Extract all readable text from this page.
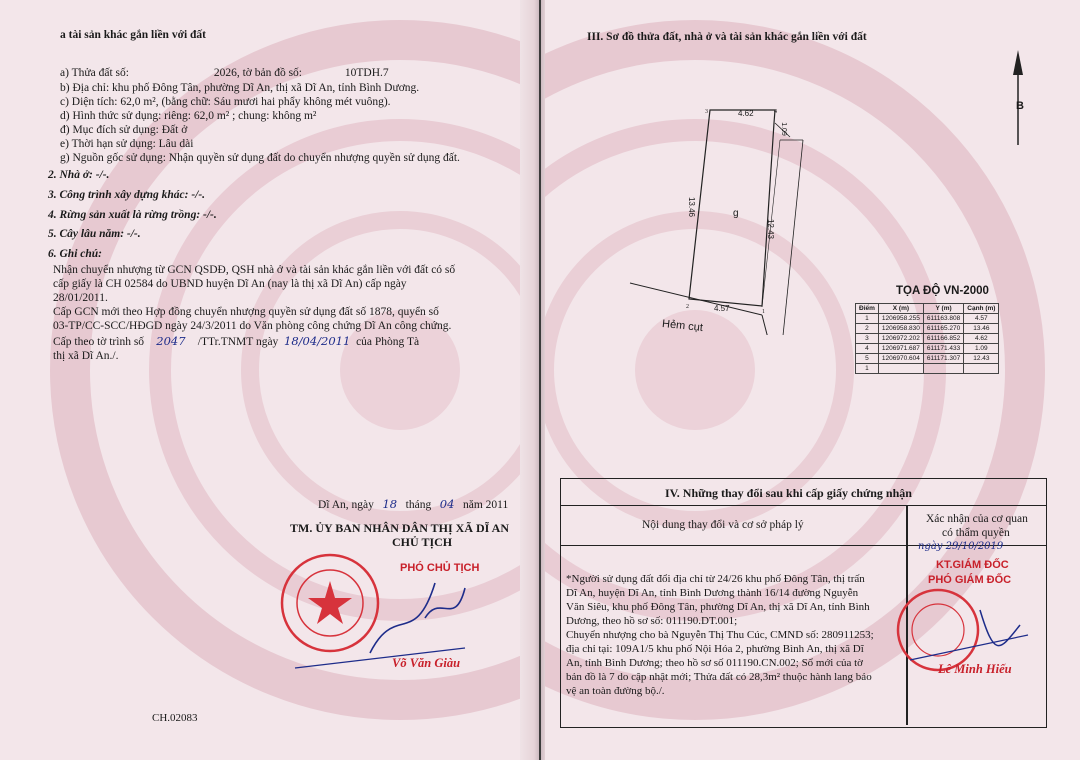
a tài sản khác gắn liền với đất
a) Thửa đất số:	2026, tờ bản đồ số:	10TDH.7
b) Địa chỉ: khu phố Đông Tân, phường Dĩ An, thị xã Dĩ An, tỉnh Bình Dương.
c) Diện tích: 62,0 m², (bằng chữ: Sáu mươi hai phẩy không mét vuông).
d) Hình thức sử dụng: riêng: 62,0 m² ; chung: không m²
đ) Mục đích sử dụng: Đất ở
e) Thời hạn sử dụng: Lâu dài
g) Nguồn gốc sử dụng: Nhận quyền sử dụng đất do chuyển nhượng quyền sử dụng đất.
2. Nhà ở: -/-.
3. Công trình xây dựng khác: -/-.
4. Rừng sản xuất là rừng trồng: -/-.
5. Cây lâu năm: -/-.
6. Ghi chú:
Nhận chuyển nhượng từ GCN QSDĐ, QSH nhà ở và tài sản khác gắn liền với đất có số
cấp giấy là CH 02584 do UBND huyện Dĩ An (nay là thị xã Dĩ An) cấp ngày
28/01/2011.
Cấp GCN mới theo Hợp đồng chuyển nhượng quyền sử dụng đất số 1878, quyển số
03-TP/CC-SCC/HĐGD ngày 24/3/2011 do Văn phòng công chứng Dĩ An công chứng.
Cấp theo tờ trình số 2047 /TTr.TNMT ngày 18/04/2011 của Phòng Tà
thị xã Dĩ An./.
Dĩ An, ngày 18 tháng 04 năm 2011
TM. ỦY BAN NHÂN DÂN THỊ XÃ DĨ AN
CHỦ TỊCH
PHÓ CHỦ TỊCH
Võ Văn Giàu
CH.02083
III. Sơ đồ thửa đất, nhà ở và tài sản khác gắn liền với đất
B
4.62
1.09
13.46
12.43
4.57
g
Hẻm cụt
3	4
2
1
TỌA ĐỘ VN-2000
Điểm	X (m)	Y (m)	Cạnh (m)
1	1206958.255	611163.808	4.57
2	1206958.830	611165.270	13.46
3	1206972.202	611166.852	4.62
4	1206971.687	611171.433	1.09
5	1206970.604	611171.307	12.43
1			
IV. Những thay đổi sau khi cấp giấy chứng nhận
Nội dung thay đổi và cơ sở pháp lý	Xác nhận của cơ quan
có thẩm quyền
*Người sử dụng đất đổi địa chỉ từ 24/26 khu phố Đông Tân, thị trấn
Dĩ An, huyện Dĩ An, tỉnh Bình Dương thành 16/14 đường Nguyễn
Văn Siêu, khu phố Đông Tân, phường Dĩ An, thị xã Dĩ An, tỉnh Bình
Dương, theo hồ sơ số: 011190.DT.001;
Chuyển nhượng cho bà Nguyễn Thị Thu Cúc, CMND số: 280911253;
địa chỉ tại: 109A1/5 khu phố Nội Hóa 2, phường Bình An, thị xã Dĩ
An, tỉnh Bình Dương; theo hồ sơ số 011190.CN.002; Sổ mới của tờ
bản đồ là 7 do cập nhật mới; Thửa đất có 28,3m² thuộc hành lang bảo
vệ an toàn đường bộ./.
ngày 29/10/2019
KT.GIÁM ĐỐC
PHÓ GIÁM ĐỐC
Lê Minh Hiếu
